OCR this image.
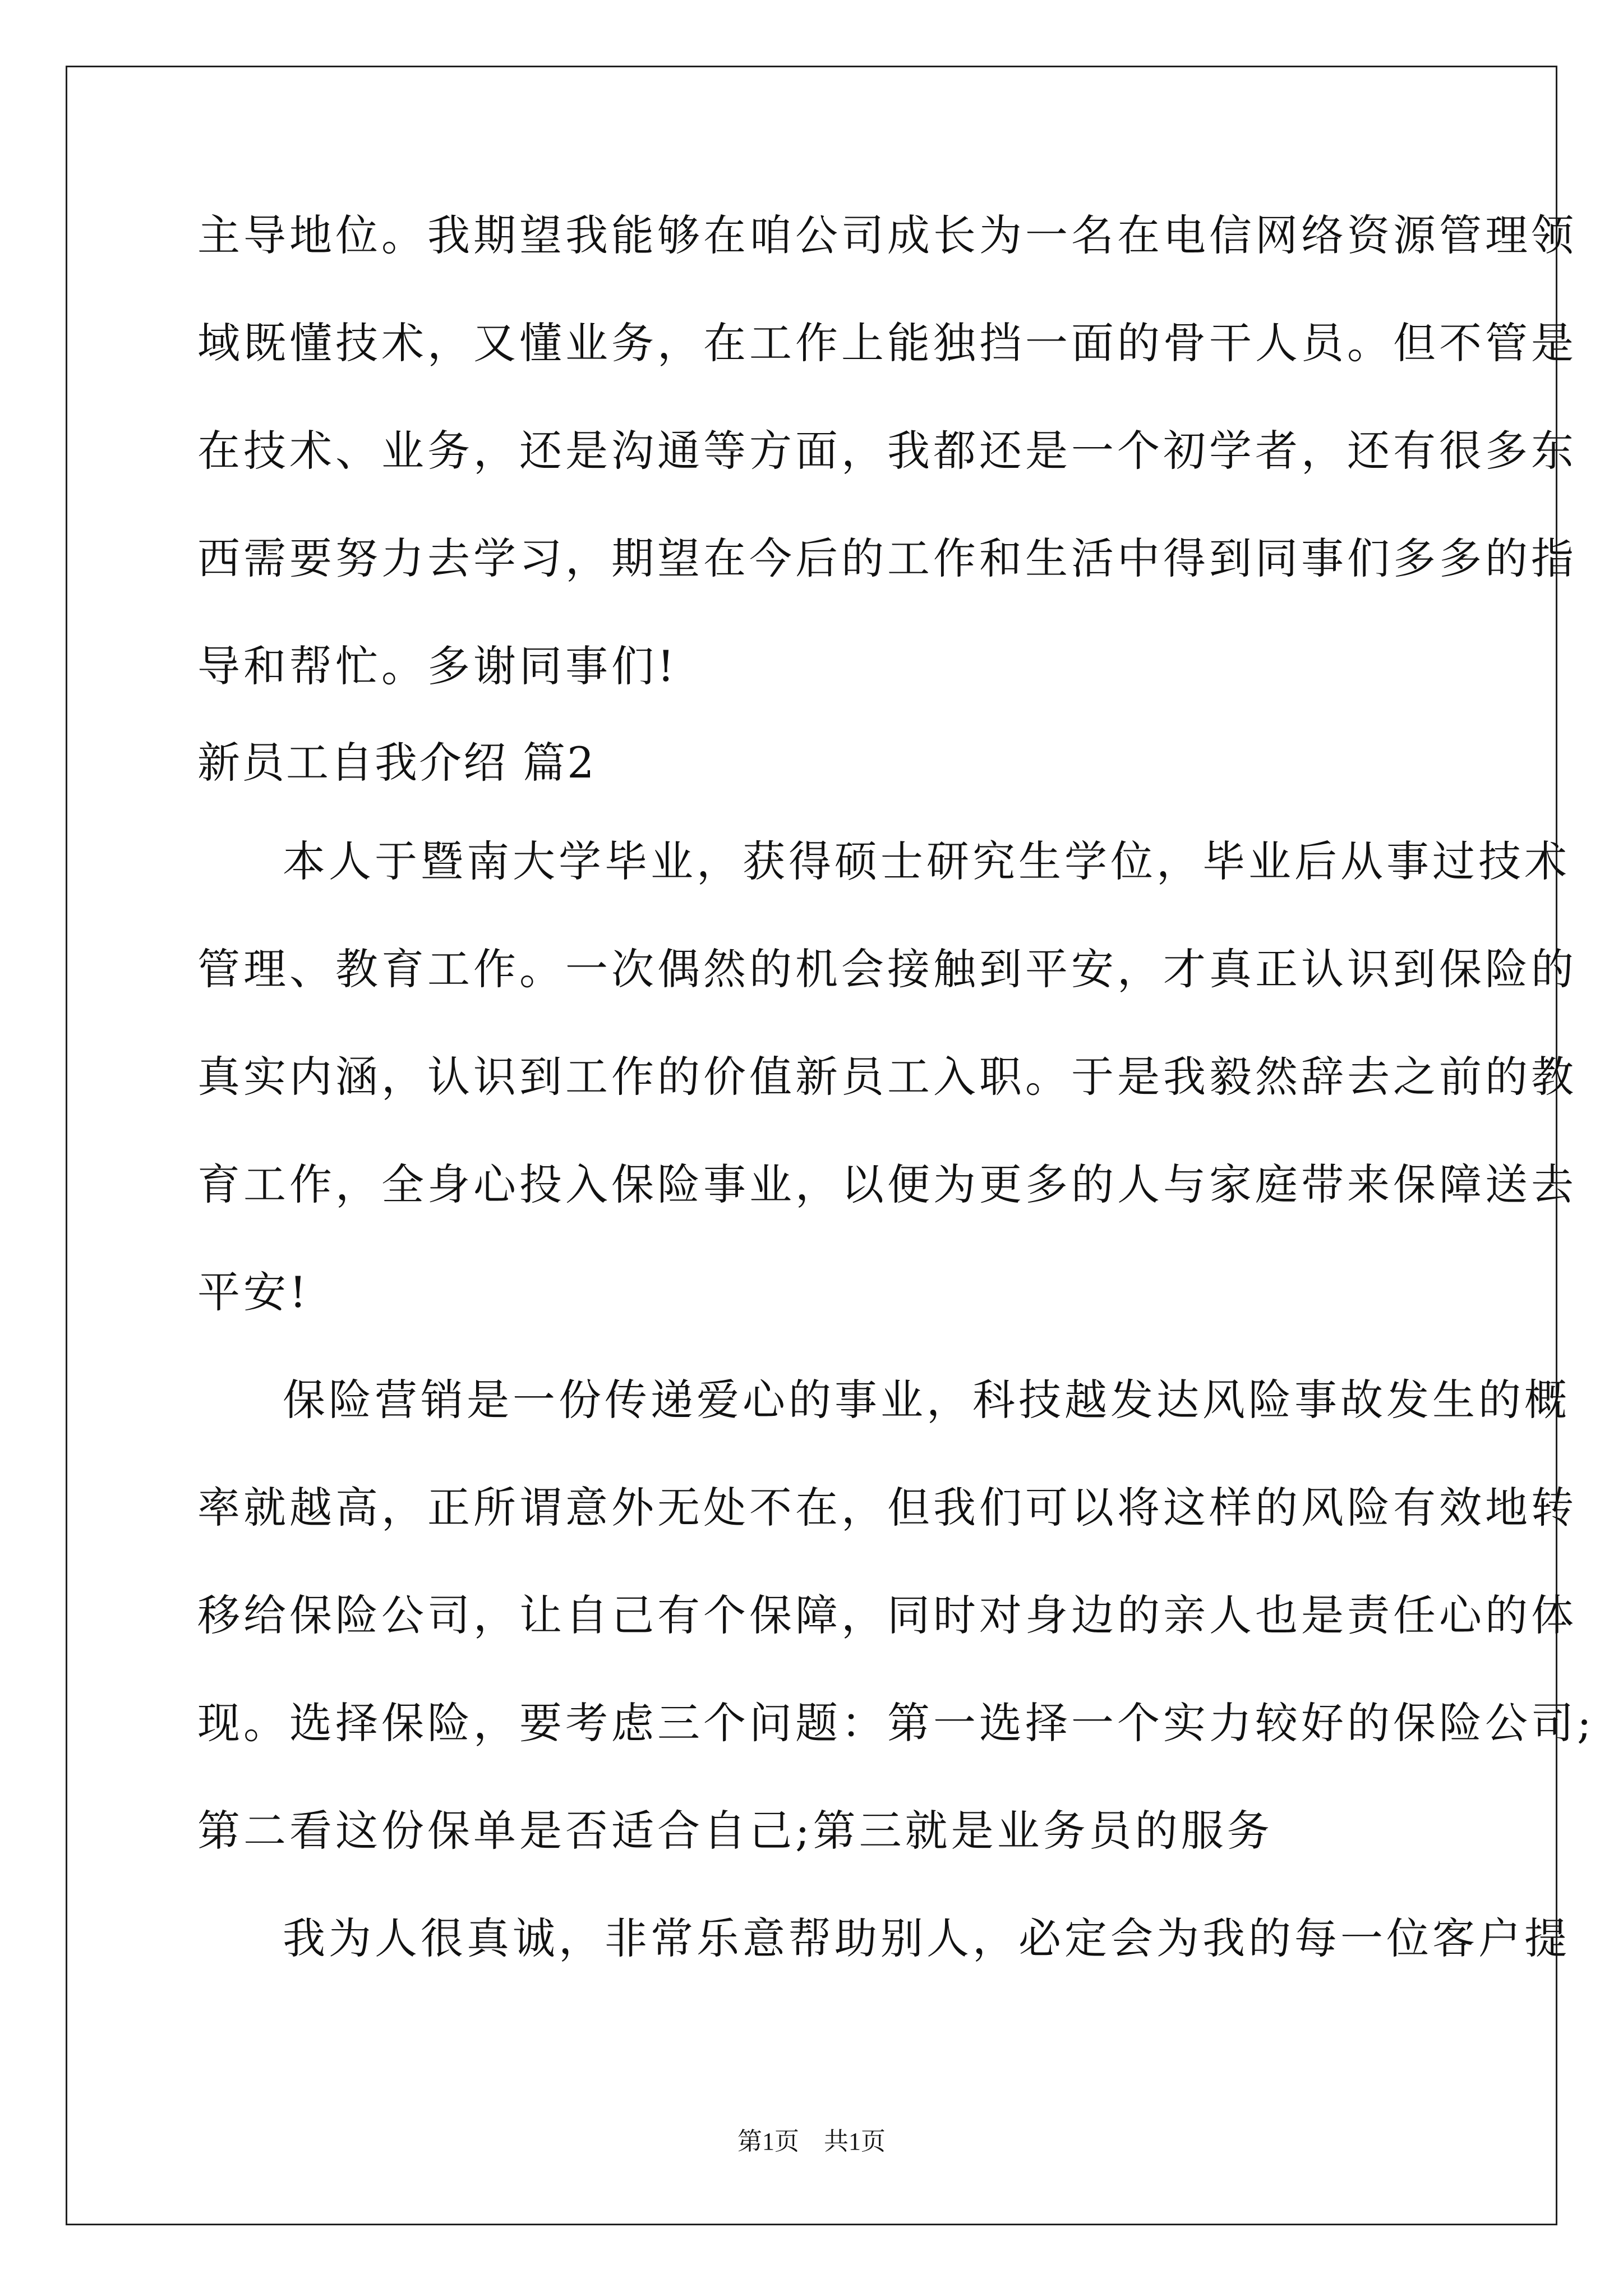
主导地位。我期望我能够在咱公司成长为一名在电信网络资源管理领
域既懂技术，又懂业务，在工作上能独挡一面的骨干人员。但不管是
在技术、业务，还是沟通等方面，我都还是一个初学者，还有很多东
西需要努力去学习，期望在今后的工作和生活中得到同事们多多的指
导和帮忙。多谢同事们!
新员工自我介绍 篇2
本人于暨南大学毕业，获得硕士研究生学位，毕业后从事过技术
管理、教育工作。一次偶然的机会接触到平安，才真正认识到保险的
真实内涵，认识到工作的价值新员工入职。于是我毅然辞去之前的教
育工作，全身心投入保险事业，以便为更多的人与家庭带来保障送去
平安!
保险营销是一份传递爱心的事业，科技越发达风险事故发生的概
率就越高，正所谓意外无处不在，但我们可以将这样的风险有效地转
移给保险公司，让自己有个保障，同时对身边的亲人也是责任心的体
现。选择保险，要考虑三个问题：第一选择一个实力较好的保险公司;
第二看这份保单是否适合自己;第三就是业务员的服务
我为人很真诚，非常乐意帮助别人，必定会为我的每一位客户提
第1页　共1页
